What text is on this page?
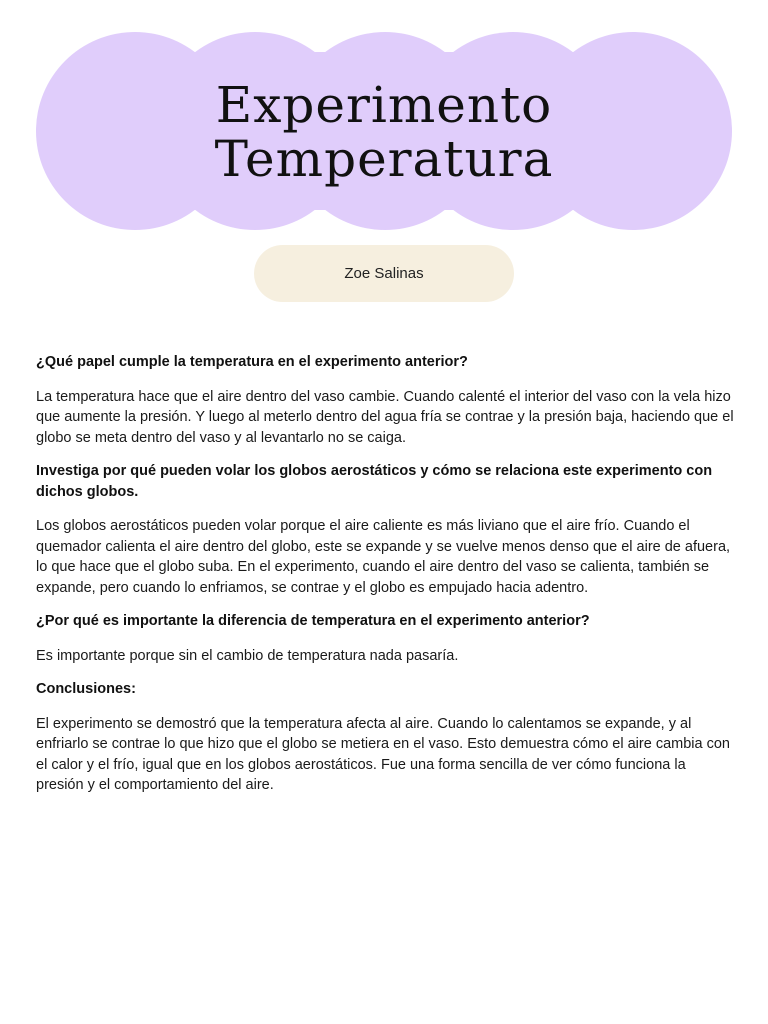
Experimento
Temperatura
Zoe Salinas

¿Qué papel cumple la temperatura en el experimento anterior?

La temperatura hace que el aire dentro del vaso cambie. Cuando calenté el interior del vaso con la vela hizo que aumente la presión. Y luego al meterlo dentro del agua fría se contrae y la presión baja, haciendo que el globo se meta dentro del vaso y al levantarlo no se caiga.

Investiga por qué pueden volar los globos aerostáticos y cómo se relaciona este experimento con dichos globos.

Los globos aerostáticos pueden volar porque el aire caliente es más liviano que el aire frío. Cuando el quemador calienta el aire dentro del globo, este se expande y se vuelve menos denso que el aire de afuera, lo que hace que el globo suba. En el experimento, cuando el aire dentro del vaso se calienta, también se expande, pero cuando lo enfriamos, se contrae y el globo es empujado hacia adentro.

¿Por qué es importante la diferencia de temperatura en el experimento anterior?

Es importante porque sin el cambio de temperatura nada pasaría.

Conclusiones:

El experimento se demostró que la temperatura afecta al aire. Cuando lo calentamos se expande, y al enfriarlo se contrae lo que hizo que el globo se metiera en el vaso. Esto demuestra cómo el aire cambia con el calor y el frío, igual que en los globos aerostáticos. Fue una forma sencilla de ver cómo funciona la presión y el comportamiento del aire.
